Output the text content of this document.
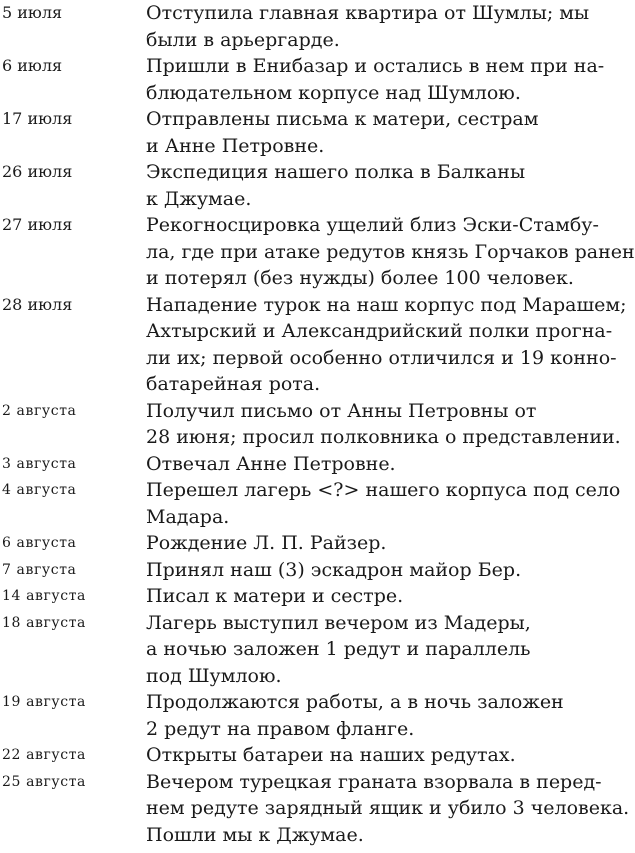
5 июля	Отступила главная квартира от Шумлы; мы
были в арьергарде.
6 июля	Пришли в Енибазар и остались в нем при на-
блюдательном корпусе над Шумлою.
17 июля	Отправлены письма к матери, сестрам
и Анне Петровне.
26 июля	Экспедиция нашего полка в Балканы
к Джумае.
27 июля	Рекогносцировка ущелий близ Эски-Стамбу-
ла, где при атаке редутов князь Горчаков ранен
и потерял (без нужды) более 100 человек.
28 июля	Нападение турок на наш корпус под Марашем;
Ахтырский и Александрийский полки прогна-
ли их; первой особенно отличился и 19 конно-
батарейная рота.
2 августа	Получил письмо от Анны Петровны от
28 июня; просил полковника о представлении.
3 августа	Отвечал Анне Петровне.
4 августа	Перешел лагерь <?> нашего корпуса под село
Мадара.
6 августа	Рождение Л. П. Райзер.
7 августа	Принял наш (3) эскадрон майор Бер.
14 августа	Писал к матери и сестре.
18 августа	Лагерь выступил вечером из Мадеры,
а ночью заложен 1 редут и параллель
под Шумлою.
19 августа	Продолжаются работы, а в ночь заложен
2 редут на правом фланге.
22 августа	Открыты батареи на наших редутах.
25 августа	Вечером турецкая граната взорвала в перед-
нем редуте зарядный ящик и убило 3 человека.
Пошли мы к Джумае.
